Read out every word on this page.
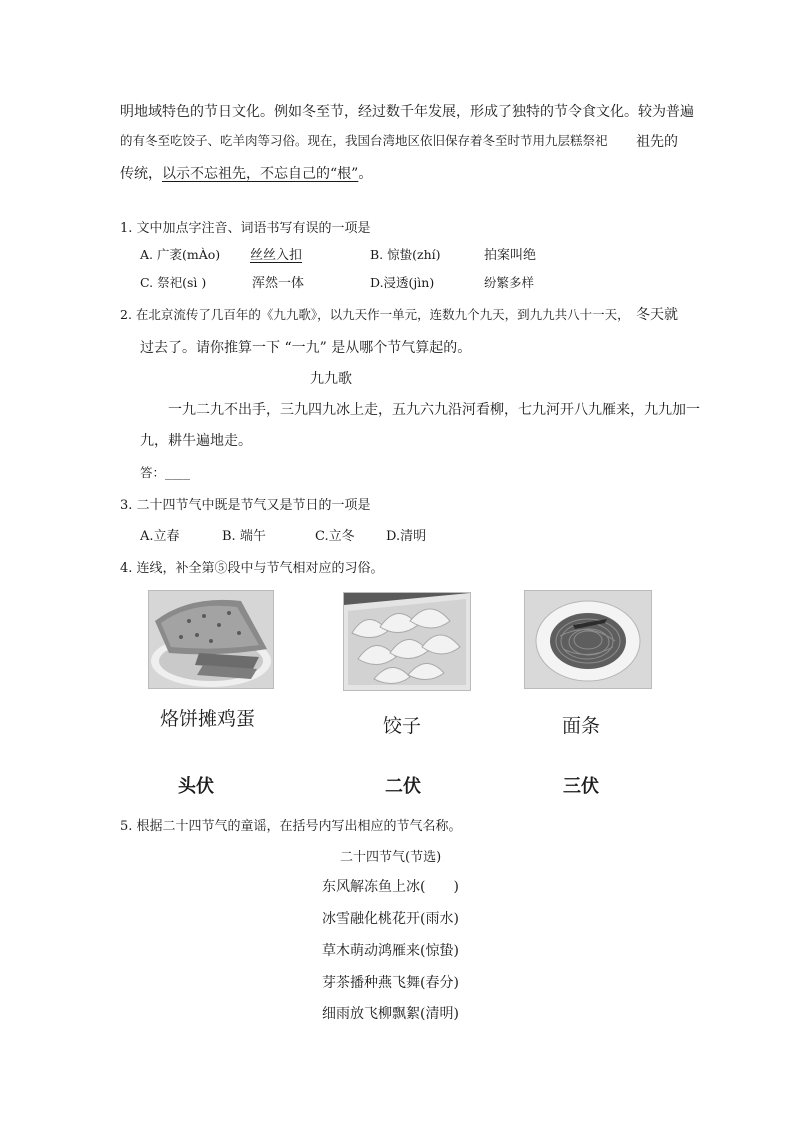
明地域特色的节日文化。例如冬至节，经过数千年发展，形成了独特的节令食文化。较为普遍
的有冬至吃饺子、吃羊肉等习俗。现在，我国台湾地区依旧保存着冬至时节用九层糕祭祀 祖先的
传统，以示不忘祖先，不忘自己的“根”。
1. 文中加点字注音、词语书写有误的一项是
A. 广袤(mÀo) 丝丝入扣	B. 惊蛰(zhí)	拍案叫绝
C. 祭祀(sì )	浑然一体	D.浸透(jìn)	纷繁多样
2. 在北京流传了几百年的《九九歌》，以九天作一单元，连数九个九天，到九九共八十一天， 冬天就
过去了。请你推算一下 “一九” 是从哪个节气算起的。
九九歌
一九二九不出手，三九四九冰上走，五九六九沿河看柳，七九河开八九雁来，九九加一
九，耕牛遍地走。
答：____
3. 二十四节气中既是节气又是节日的一项是
A.立春	B. 端午	C.立冬 D.清明
4. 连线，补全第⑤段中与节气相对应的习俗。
烙饼摊鸡蛋	饺子	面条
头伏	二伏	三伏
5. 根据二十四节气的童谣，在括号内写出相应的节气名称。
二十四节气(节选)
东风解冻鱼上冰(　　)
冰雪融化桃花开(雨水)
草木萌动鸿雁来(惊蛰)
芽茶播种燕飞舞(春分)
细雨放飞柳飘絮(清明)
